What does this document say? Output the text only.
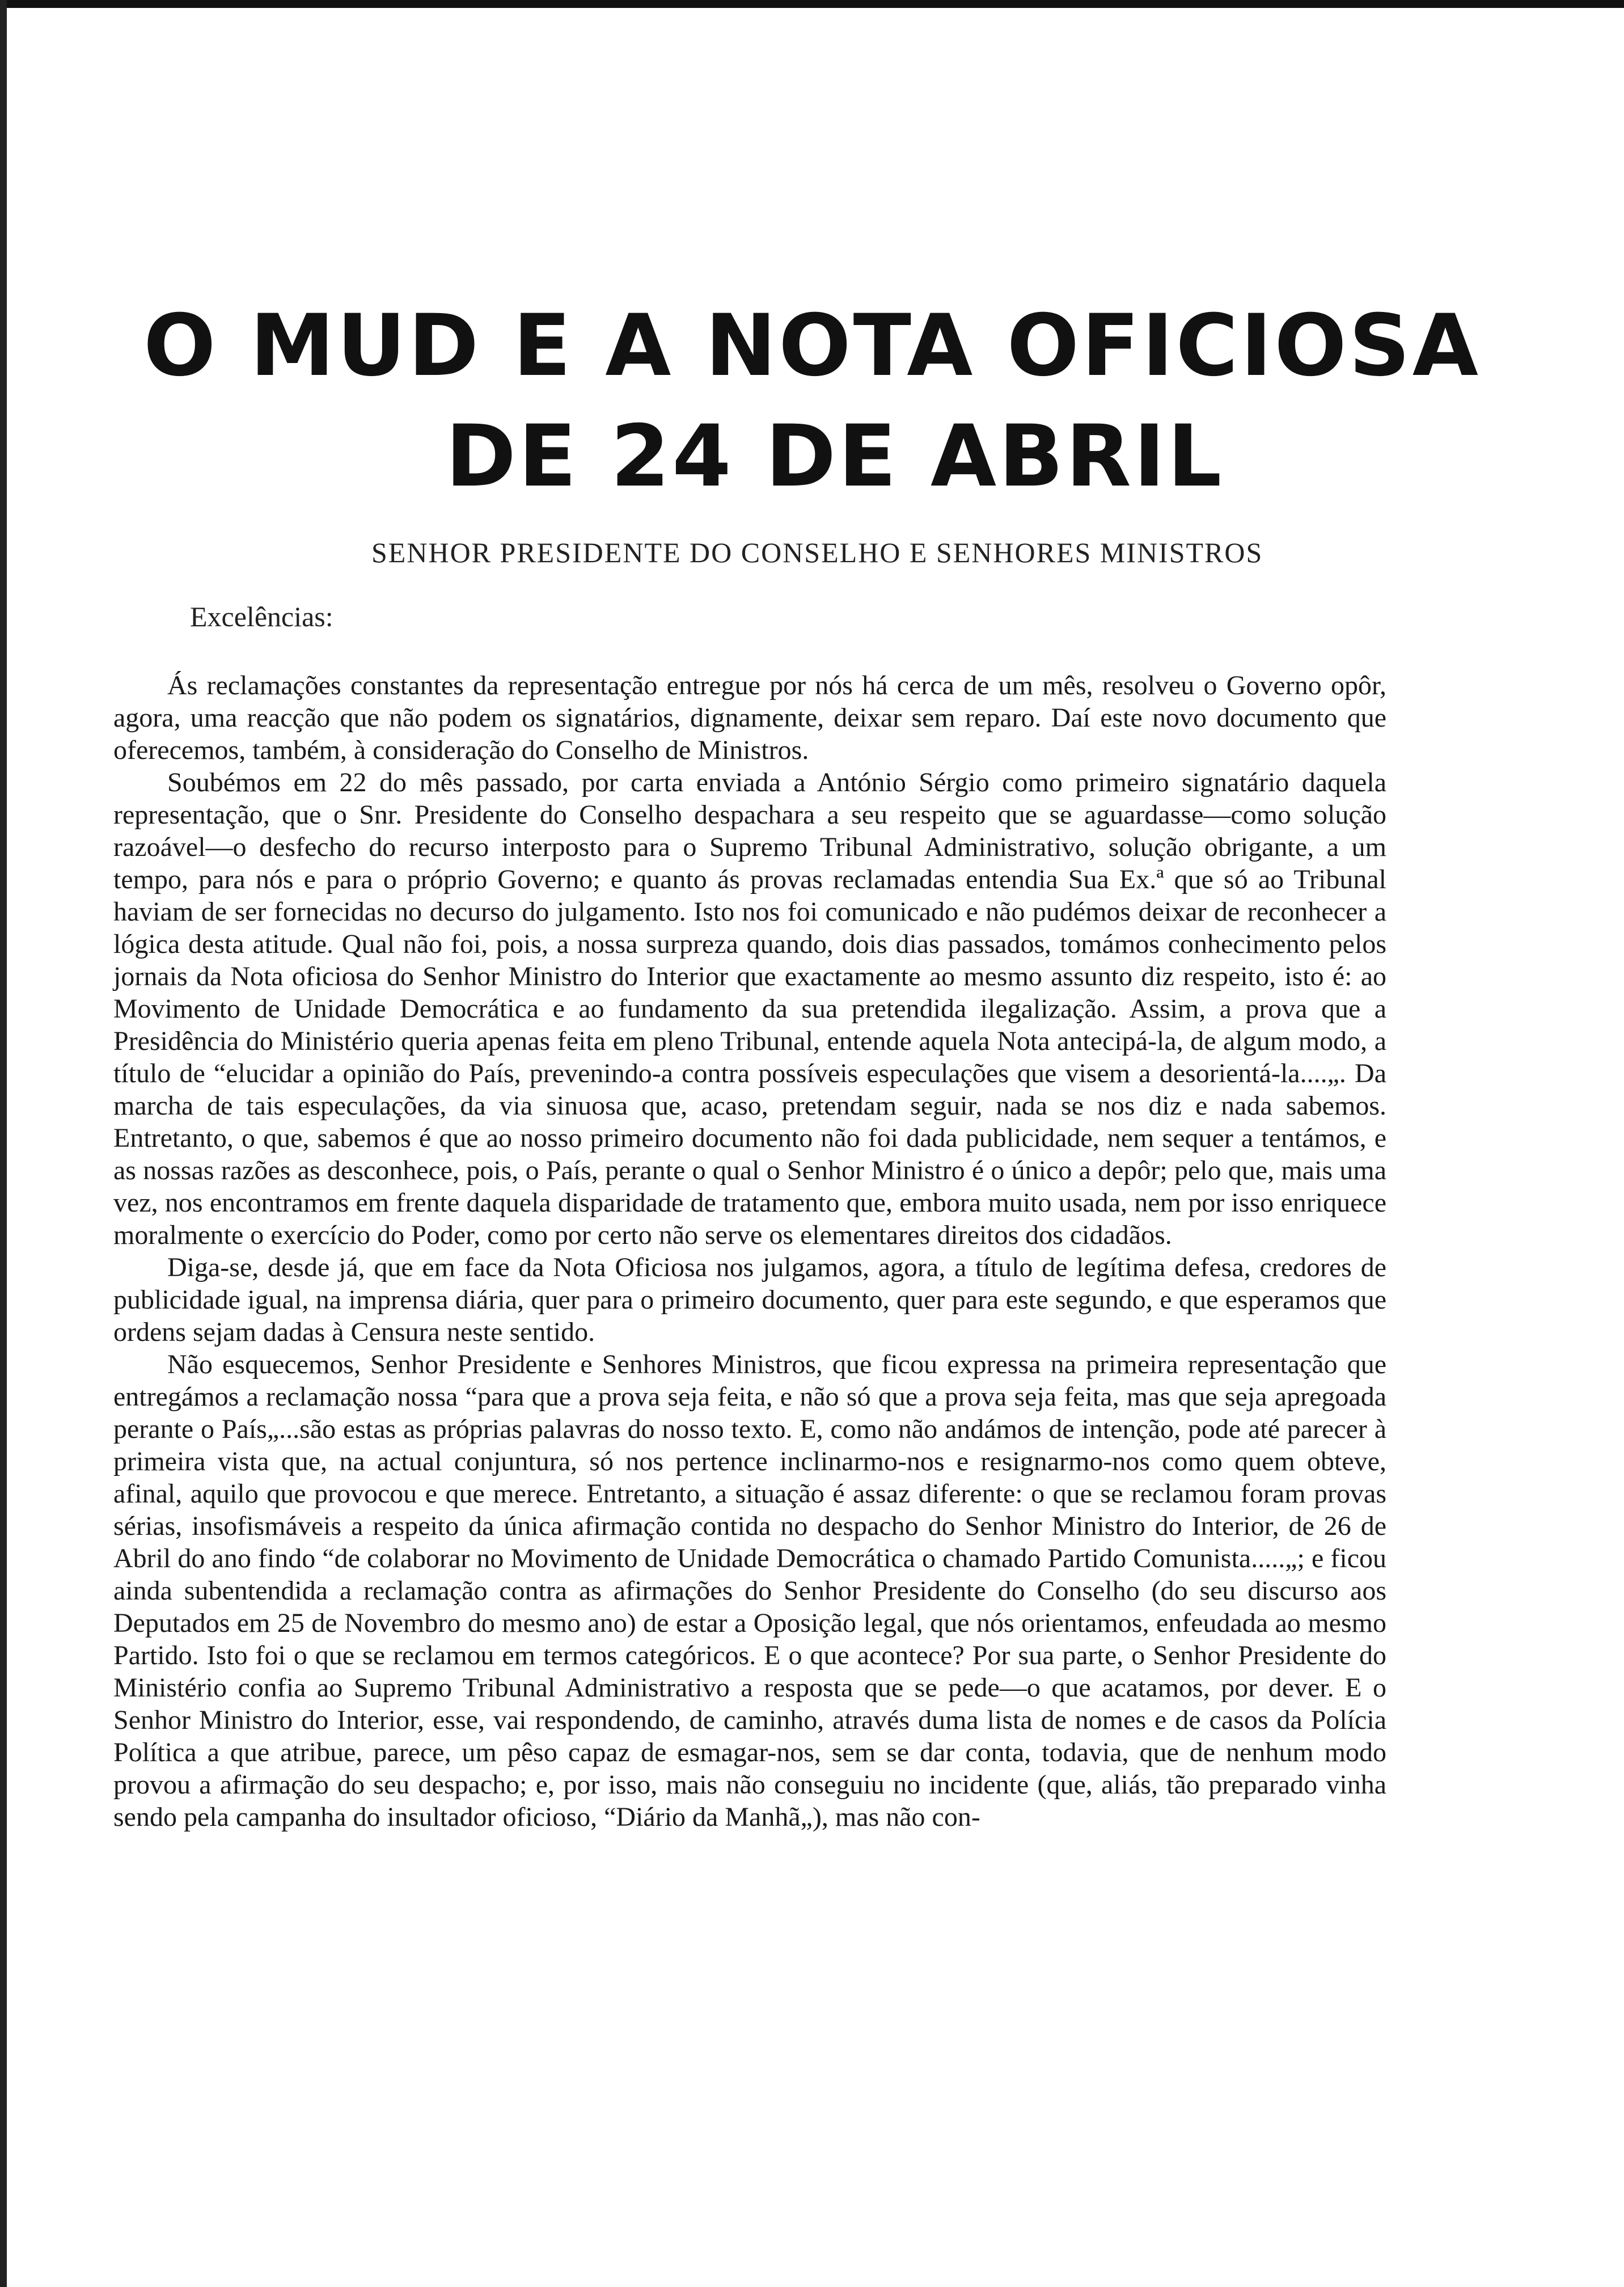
O MUD E A NOTA OFICIOSA
DE 24 DE ABRIL
SENHOR PRESIDENTE DO CONSELHO E SENHORES MINISTROS
Excelências:

Ás reclamações constantes da representação entregue por nós há cerca de um mês, resolveu o Governo opôr, agora, uma reacção que não podem os signatários, dignamente, deixar sem reparo. Daí este novo documento que oferecemos, também, à consideração do Conselho de Ministros.

Soubémos em 22 do mês passado, por carta enviada a António Sérgio como primeiro signatário daquela representação, que o Snr. Presidente do Conselho despachara a seu respeito que se aguardasse—como solução razoável—o desfecho do recurso interposto para o Supremo Tribunal Administrativo, solução obrigante, a um tempo, para nós e para o próprio Governo; e quanto ás provas reclamadas entendia Sua Ex.ª que só ao Tribunal haviam de ser fornecidas no decurso do julgamento. Isto nos foi comunicado e não pudémos deixar de reconhecer a lógica desta atitude. Qual não foi, pois, a nossa surpreza quando, dois dias passados, tomámos conhecimento pelos jornais da Nota oficiosa do Senhor Ministro do Interior que exactamente ao mesmo assunto diz respeito, isto é: ao Movimento de Unidade Democrática e ao fundamento da sua pretendida ilegalização. Assim, a prova que a Presidência do Ministério queria apenas feita em pleno Tribunal, entende aquela Nota antecipá-la, de algum modo, a título de “elucidar a opinião do País, prevenindo-a contra possíveis especulações que visem a desorientá-la....„. Da marcha de tais especulações, da via sinuosa que, acaso, pretendam seguir, nada se nos diz e nada sabemos. Entretanto, o que, sabemos é que ao nosso primeiro documento não foi dada publicidade, nem sequer a tentámos, e as nossas razões as desconhece, pois, o País, perante o qual o Senhor Ministro é o único a depôr; pelo que, mais uma vez, nos encontramos em frente daquela disparidade de tratamento que, embora muito usada, nem por isso enriquece moralmente o exercício do Poder, como por certo não serve os elementares direitos dos cidadãos.

Diga-se, desde já, que em face da Nota Oficiosa nos julgamos, agora, a título de legítima defesa, credores de publicidade igual, na imprensa diária, quer para o primeiro documento, quer para este segundo, e que esperamos que ordens sejam dadas à Censura neste sentido.

Não esquecemos, Senhor Presidente e Senhores Ministros, que ficou expressa na primeira representação que entregámos a reclamação nossa “para que a prova seja feita, e não só que a prova seja feita, mas que seja apregoada perante o País„...são estas as próprias palavras do nosso texto. E, como não andámos de intenção, pode até parecer à primeira vista que, na actual conjuntura, só nos pertence inclinarmo-nos e resignarmo-nos como quem obteve, afinal, aquilo que provocou e que merece. Entretanto, a situação é assaz diferente: o que se reclamou foram provas sérias, insofismáveis a respeito da única afirmação contida no despacho do Senhor Ministro do Interior, de 26 de Abril do ano findo “de colaborar no Movimento de Unidade Democrática o chamado Partido Comunista.....„; e ficou ainda subentendida a reclamação contra as afirmações do Senhor Presidente do Conselho (do seu discurso aos Deputados em 25 de Novembro do mesmo ano) de estar a Oposição legal, que nós orientamos, enfeudada ao mesmo Partido. Isto foi o que se reclamou em termos categóricos. E o que acontece? Por sua parte, o Senhor Presidente do Ministério confia ao Supremo Tribunal Administrativo a resposta que se pede—o que acatamos, por dever. E o Senhor Ministro do Interior, esse, vai respondendo, de caminho, através duma lista de nomes e de casos da Polícia Política a que atribue, parece, um pêso capaz de esmagar-nos, sem se dar conta, todavia, que de nenhum modo provou a afirmação do seu despacho; e, por isso, mais não conseguiu no incidente (que, aliás, tão preparado vinha sendo pela campanha do insultador oficioso, “Diário da Manhã„), mas não con-
